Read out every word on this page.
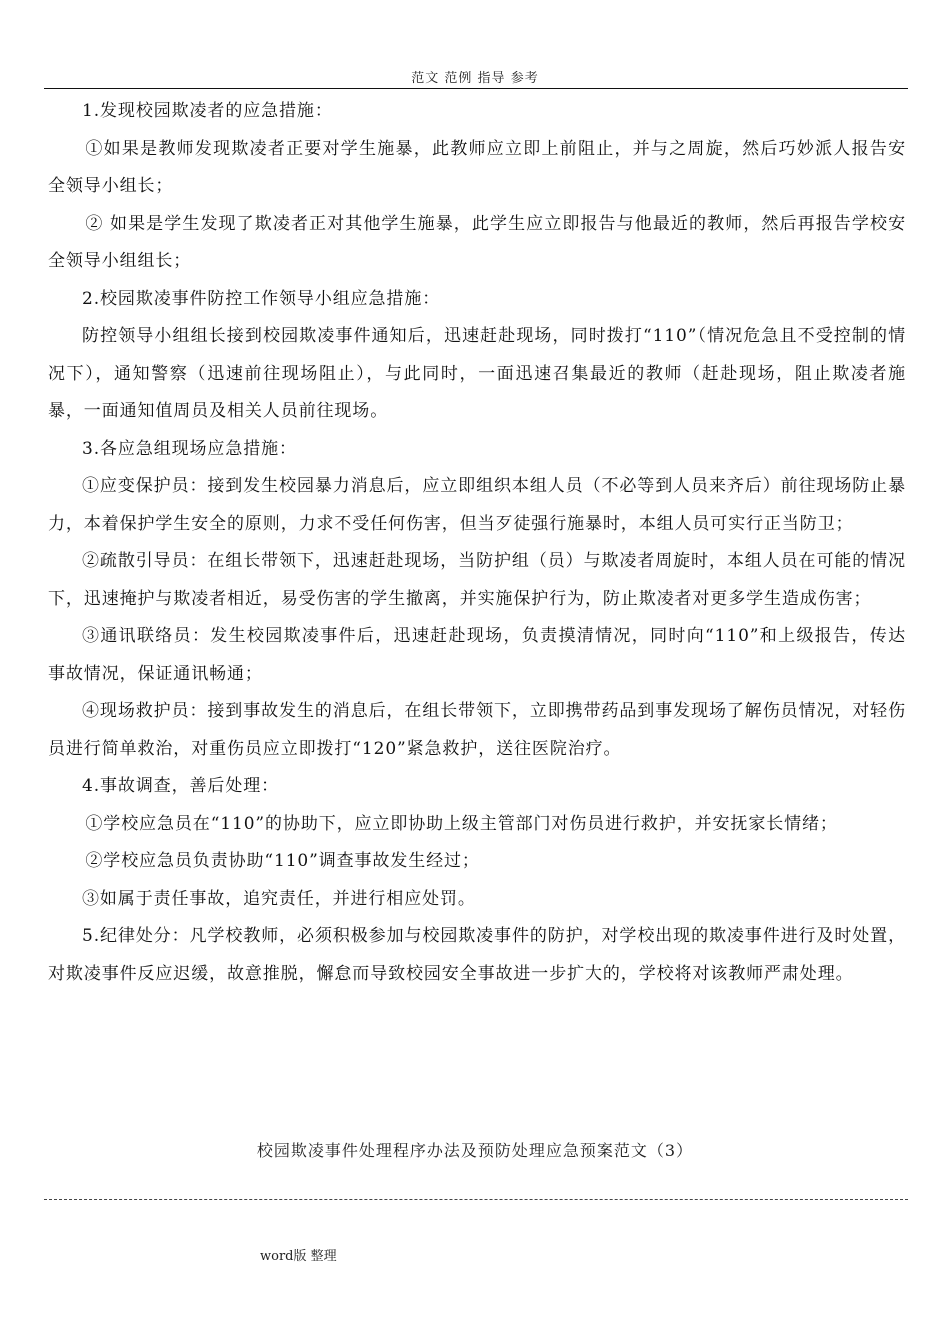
范文 范例 指导 参考

1.发现校园欺凌者的应急措施：

①如果是教师发现欺凌者正要对学生施暴，此教师应立即上前阻止，并与之周旋，然后巧妙派人报告安全领导小组长；

② 如果是学生发现了欺凌者正对其他学生施暴，此学生应立即报告与他最近的教师，然后再报告学校安全领导小组组长；

2.校园欺凌事件防控工作领导小组应急措施：

防控领导小组组长接到校园欺凌事件通知后，迅速赶赴现场，同时拨打“110”（情况危急且不受控制的情况下），通知警察（迅速前往现场阻止），与此同时，一面迅速召集最近的教师（赶赴现场，阻止欺凌者施暴，一面通知值周员及相关人员前往现场。

3.各应急组现场应急措施：

①应变保护员：接到发生校园暴力消息后，应立即组织本组人员（不必等到人员来齐后）前往现场防止暴力，本着保护学生安全的原则，力求不受任何伤害，但当歹徒强行施暴时，本组人员可实行正当防卫；

②疏散引导员：在组长带领下，迅速赶赴现场，当防护组（员）与欺凌者周旋时，本组人员在可能的情况下，迅速掩护与欺凌者相近，易受伤害的学生撤离，并实施保护行为，防止欺凌者对更多学生造成伤害；

③通讯联络员：发生校园欺凌事件后，迅速赶赴现场，负责摸清情况，同时向“110”和上级报告，传达事故情况，保证通讯畅通；

④现场救护员：接到事故发生的消息后，在组长带领下，立即携带药品到事发现场了解伤员情况，对轻伤员进行简单救治，对重伤员应立即拨打“120”紧急救护，送往医院治疗。

4.事故调查，善后处理：

①学校应急员在“110”的协助下，应立即协助上级主管部门对伤员进行救护，并安抚家长情绪；

②学校应急员负责协助“110”调查事故发生经过；

③如属于责任事故，追究责任，并进行相应处罚。

5.纪律处分：凡学校教师，必须积极参加与校园欺凌事件的防护，对学校出现的欺凌事件进行及时处置，对欺凌事件反应迟缓，故意推脱，懈怠而导致校园安全事故进一步扩大的，学校将对该教师严肃处理。

校园欺凌事件处理程序办法及预防处理应急预案范文（3）
word版 整理
